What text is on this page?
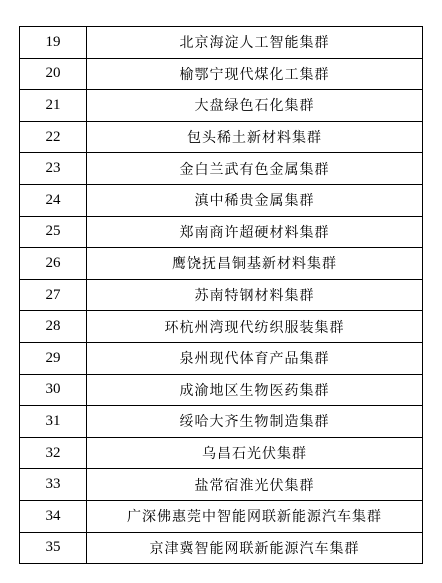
19	北京海淀人工智能集群
20	榆鄂宁现代煤化工集群
21	大盘绿色石化集群
22	包头稀土新材料集群
23	金白兰武有色金属集群
24	滇中稀贵金属集群
25	郑南商许超硬材料集群
26	鹰饶抚昌铜基新材料集群
27	苏南特钢材料集群
28	环杭州湾现代纺织服装集群
29	泉州现代体育产品集群
30	成渝地区生物医药集群
31	绥哈大齐生物制造集群
32	乌昌石光伏集群
33	盐常宿淮光伏集群
34	广深佛惠莞中智能网联新能源汽车集群
35	京津冀智能网联新能源汽车集群
